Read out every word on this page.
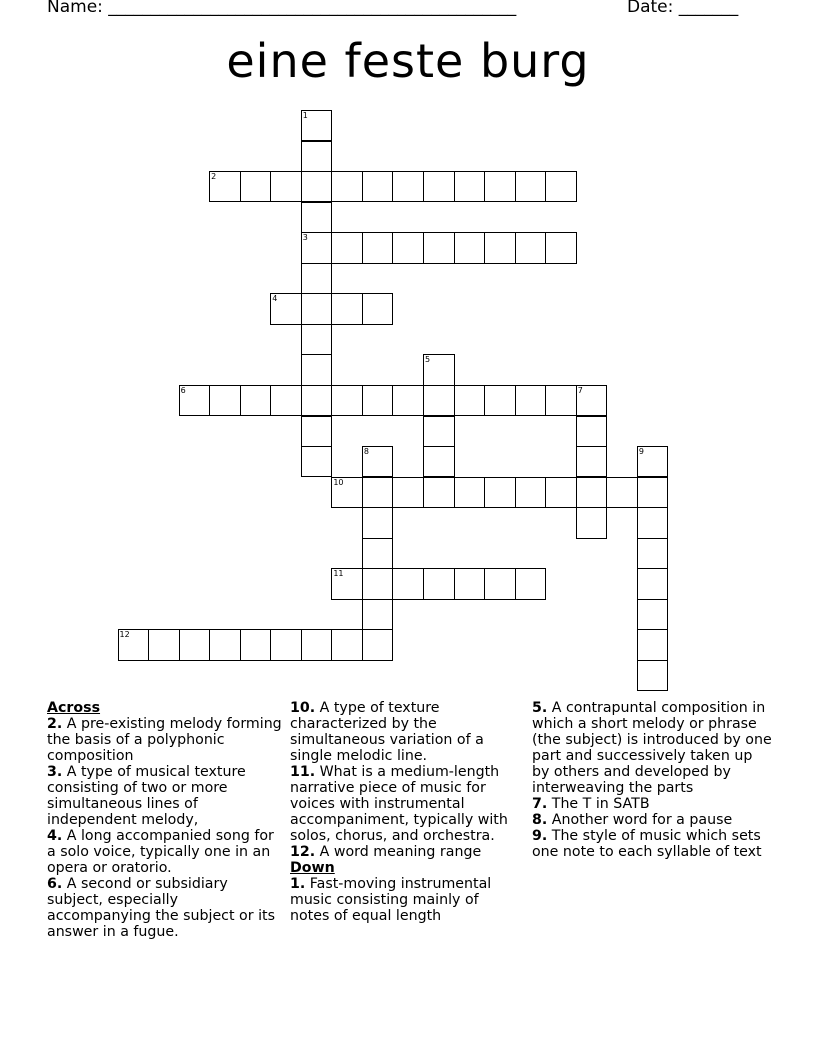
Name: ________________________________________________	Date: _______
eine feste burg
2
3
4
6	7
10
11
12
1
5
8	9
Across
2. A pre-existing melody forming the basis of a polyphonic composition
3. A type of musical texture consisting of two or more simultaneous lines of independent melody,
4. A long accompanied song for a solo voice, typically one in an opera or oratorio.
6. A second or subsidiary subject, especially accompanying the subject or its answer in a fugue.
10. A type of texture characterized by the simultaneous variation of a single melodic line.
11. What is a medium-length narrative piece of music for voices with instrumental accompaniment, typically with solos, chorus, and orchestra.
12. A word meaning range
Down
1. Fast-moving instrumental music consisting mainly of notes of equal length
5. A contrapuntal composition in which a short melody or phrase (the subject) is introduced by one part and successively taken up by others and developed by interweaving the parts
7. The T in SATB
8. Another word for a pause
9. The style of music which sets one note to each syllable of text
